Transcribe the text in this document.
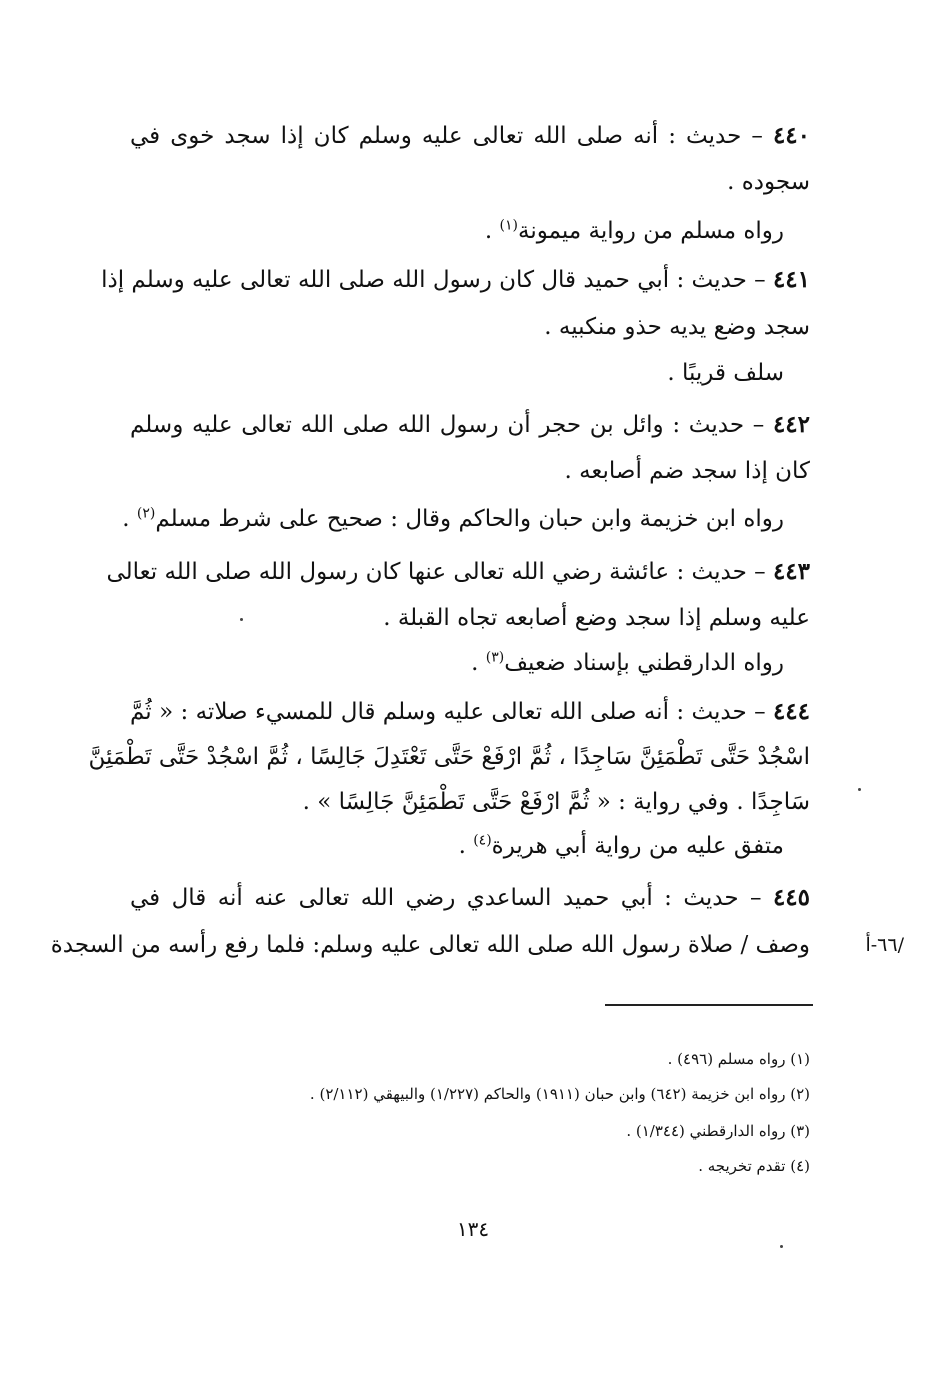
٤٤٠ – حديث : أنه صلى الله تعالى عليه وسلم كان إذا سجد خوى في
سجوده .
رواه مسلم من رواية ميمونة$^{(١)}$ .
٤٤١ – حديث : أبي حميد قال كان رسول الله صلى الله تعالى عليه وسلم إذا
سجد وضع يديه حذو منكبيه .
سلف قريبًا .
٤٤٢ – حديث : وائل بن حجر أن رسول الله صلى الله تعالى عليه وسلم
كان إذا سجد ضم أصابعه .
رواه ابن خزيمة وابن حبان والحاكم وقال : صحيح على شرط مسلم$^{(٢)}$ .
٤٤٣ – حديث : عائشة رضي الله تعالى عنها كان رسول الله صلى الله تعالى
عليه وسلم إذا سجد وضع أصابعه تجاه القبلة .
رواه الدارقطني بإسناد ضعيف$^{(٣)}$ .
٤٤٤ – حديث : أنه صلى الله تعالى عليه وسلم قال للمسيء صلاته : « ثُمَّ
اسْجُدْ حَتَّى تَطْمَئِنَّ سَاجِدًا ، ثُمَّ ارْفَعْ حَتَّى تَعْتَدِلَ جَالِسًا ، ثُمَّ اسْجُدْ حَتَّى تَطْمَئِنَّ
سَاجِدًا . وفي رواية : « ثُمَّ ارْفَعْ حَتَّى تَطْمَئِنَّ جَالِسًا » .
متفق عليه من رواية أبي هريرة$^{(٤)}$ .
٤٤٥ – حديث : أبي حميد الساعدي رضي الله تعالى عنه أنه قال في
وصف / صلاة رسول الله صلى الله تعالى عليه وسلم: فلما رفع رأسه من السجدة	/٦٦-أ
(١) رواه مسلم (٤٩٦) .
(٢) رواه ابن خزيمة (٦٤٢) وابن حبان (١٩١١) والحاكم (١/٢٢٧) والبيهقي (٢/١١٢) .
(٣) رواه الدارقطني (١/٣٤٤) .
(٤) تقدم تخريجه .
١٣٤
